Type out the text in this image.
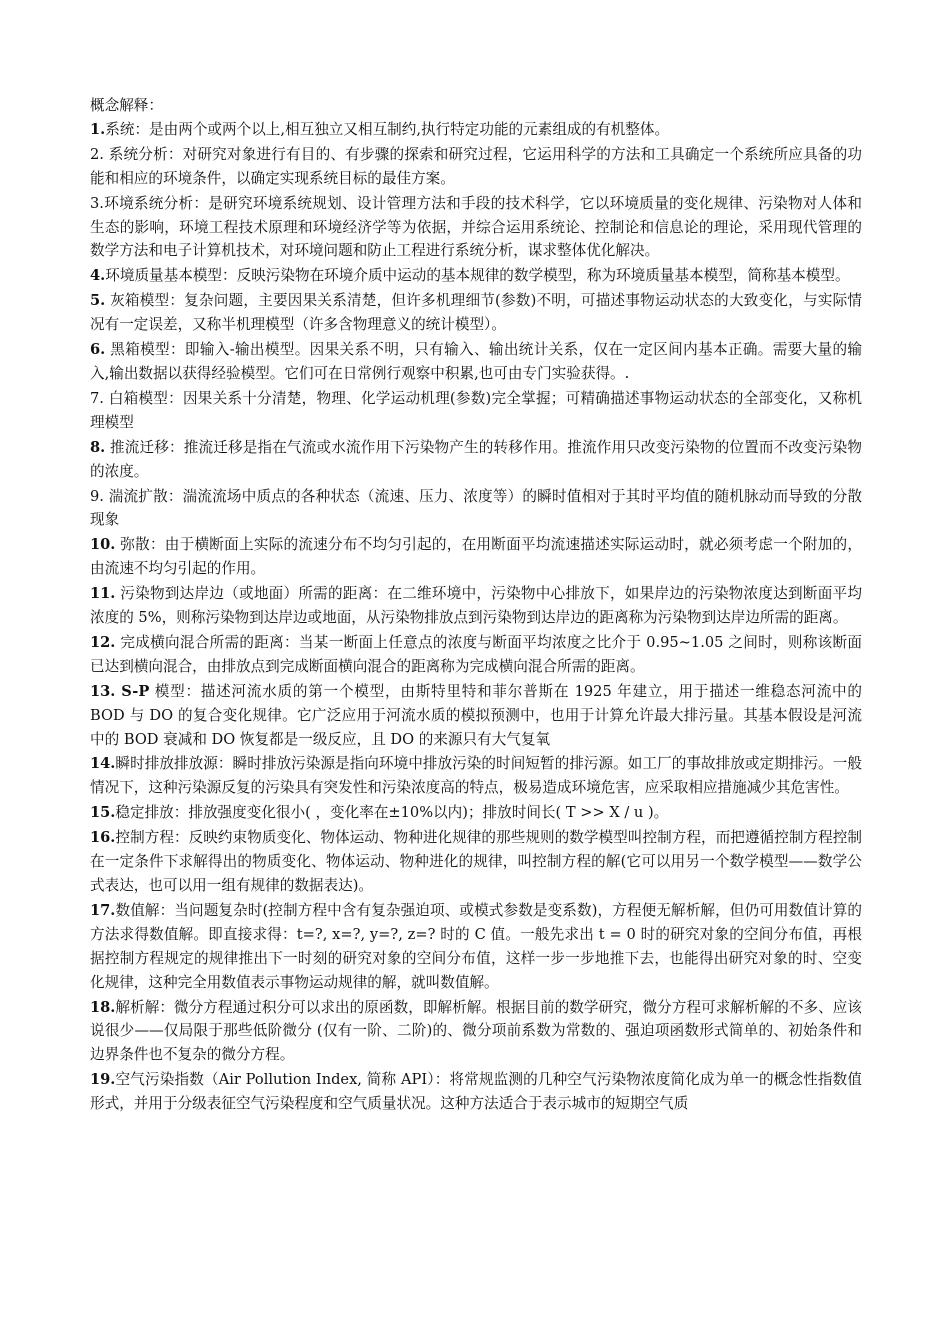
概念解释：

1.系统：是由两个或两个以上,相互独立又相互制约,执行特定功能的元素组成的有机整体。

2. 系统分析：对研究对象进行有目的、有步骤的探索和研究过程，它运用科学的方法和工具确定一个系统所应具备的功能和相应的环境条件，以确定实现系统目标的最佳方案。

3.环境系统分析：是研究环境系统规划、设计管理方法和手段的技术科学，它以环境质量的变化规律、污染物对人体和生态的影响，环境工程技术原理和环境经济学等为依据，并综合运用系统论、控制论和信息论的理论，采用现代管理的数学方法和电子计算机技术，对环境问题和防止工程进行系统分析，谋求整体优化解决。

4.环境质量基本模型：反映污染物在环境介质中运动的基本规律的数学模型，称为环境质量基本模型，简称基本模型。

5. 灰箱模型：复杂问题，主要因果关系清楚，但许多机理细节(参数)不明，可描述事物运动状态的大致变化，与实际情况有一定误差，又称半机理模型（许多含物理意义的统计模型）。

6. 黑箱模型：即输入-输出模型。因果关系不明，只有输入、输出统计关系，仅在一定区间内基本正确。需要大量的输入,输出数据以获得经验模型。它们可在日常例行观察中积累,也可由专门实验获得。.

7. 白箱模型：因果关系十分清楚，物理、化学运动机理(参数)完全掌握；可精确描述事物运动状态的全部变化，又称机理模型

8. 推流迁移：推流迁移是指在气流或水流作用下污染物产生的转移作用。推流作用只改变污染物的位置而不改变污染物的浓度。

9. 湍流扩散：湍流流场中质点的各种状态（流速、压力、浓度等）的瞬时值相对于其时平均值的随机脉动而导致的分散现象

10. 弥散：由于横断面上实际的流速分布不均匀引起的，在用断面平均流速描述实际运动时，就必须考虑一个附加的，由流速不均匀引起的作用。

11. 污染物到达岸边（或地面）所需的距离：在二维环境中，污染物中心排放下，如果岸边的污染物浓度达到断面平均浓度的 5%，则称污染物到达岸边或地面，从污染物排放点到污染物到达岸边的距离称为污染物到达岸边所需的距离。

12. 完成横向混合所需的距离：当某一断面上任意点的浓度与断面平均浓度之比介于 0.95~1.05 之间时，则称该断面已达到横向混合，由排放点到完成断面横向混合的距离称为完成横向混合所需的距离。

13. S-P 模型：描述河流水质的第一个模型，由斯特里特和菲尔普斯在 1925 年建立，用于描述一维稳态河流中的 BOD 与 DO 的复合变化规律。它广泛应用于河流水质的模拟预测中，也用于计算允许最大排污量。其基本假设是河流中的 BOD 衰减和 DO 恢复都是一级反应，且 DO 的来源只有大气复氧

14.瞬时排放排放源：瞬时排放污染源是指向环境中排放污染的时间短暂的排污源。如工厂的事故排放或定期排污。一般情况下，这种污染源反复的污染具有突发性和污染浓度高的特点，极易造成环境危害，应采取相应措施减少其危害性。

15.稳定排放：排放强度变化很小( ，变化率在±10%以内)；排放时间长( T >> X / u )。

16.控制方程：反映约束物质变化、物体运动、物种进化规律的那些规则的数学模型叫控制方程，而把遵循控制方程控制在一定条件下求解得出的物质变化、物体运动、物种进化的规律，叫控制方程的解(它可以用另一个数学模型——数学公式表达，也可以用一组有规律的数据表达)。

17.数值解：当问题复杂时(控制方程中含有复杂强迫项、或模式参数是变系数)，方程便无解析解，但仍可用数值计算的方法求得数值解。即直接求得：t=?, x=?, y=?, z=? 时的 C 值。一般先求出 t = 0 时的研究对象的空间分布值，再根据控制方程规定的规律推出下一时刻的研究对象的空间分布值，这样一步一步地推下去，也能得出研究对象的时、空变化规律，这种完全用数值表示事物运动规律的解，就叫数值解。

18.解析解：微分方程通过积分可以求出的原函数，即解析解。根据目前的数学研究，微分方程可求解析解的不多、应该说很少——仅局限于那些低阶微分 (仅有一阶、二阶)的、微分项前系数为常数的、强迫项函数形式简单的、初始条件和边界条件也不复杂的微分方程。

19.空气污染指数（Air Pollution Index, 简称 API）：将常规监测的几种空气污染物浓度简化成为单一的概念性指数值形式，并用于分级表征空气污染程度和空气质量状况。这种方法适合于表示城市的短期空气质
